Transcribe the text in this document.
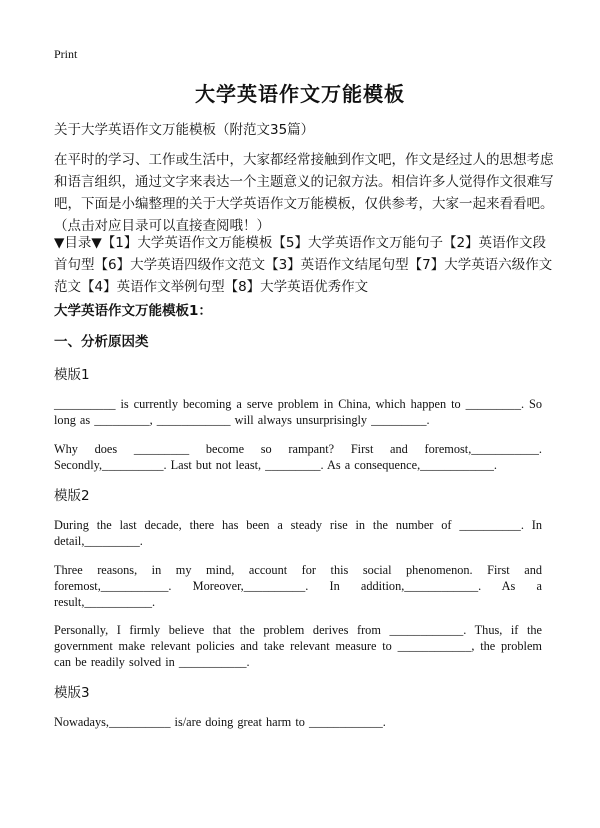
Print
大学英语作文万能模板
关于大学英语作文万能模板（附范文35篇）
在平时的学习、工作或生活中，大家都经常接触到作文吧，作文是经过人的思想考虑和语言组织，通过文字来表达一个主题意义的记叙方法。相信许多人觉得作文很难写吧，下面是小编整理的关于大学英语作文万能模板，仅供参考，大家一起来看看吧。（点击对应目录可以直接查阅哦！）
▼目录▼【1】大学英语作文万能模板【5】大学英语作文万能句子【2】英语作文段首句型【6】大学英语四级作文范文【3】英语作文结尾句型【7】大学英语六级作文范文【4】英语作文举例句型【8】大学英语优秀作文
大学英语作文万能模板1：
一、分析原因类
模版1
__________ is currently becoming a serve problem in China, which happen to _________. So long as _________, ____________ will always unsurprisingly _________.
Why does _________ become so rampant? First and foremost,___________. Secondly,__________. Last but not least, _________. As a consequence,____________.
模版2
During the last decade, there has been a steady rise in the number of __________. In detail,_________.
Three reasons, in my mind, account for this social phenomenon. First and foremost,___________. Moreover,__________. In addition,____________. As a result,___________.
Personally, I firmly believe that the problem derives from ____________. Thus, if the government make relevant policies and take relevant measure to ____________, the problem can be readily solved in ___________.
模版3
Nowadays,__________ is/are doing great harm to ____________.
